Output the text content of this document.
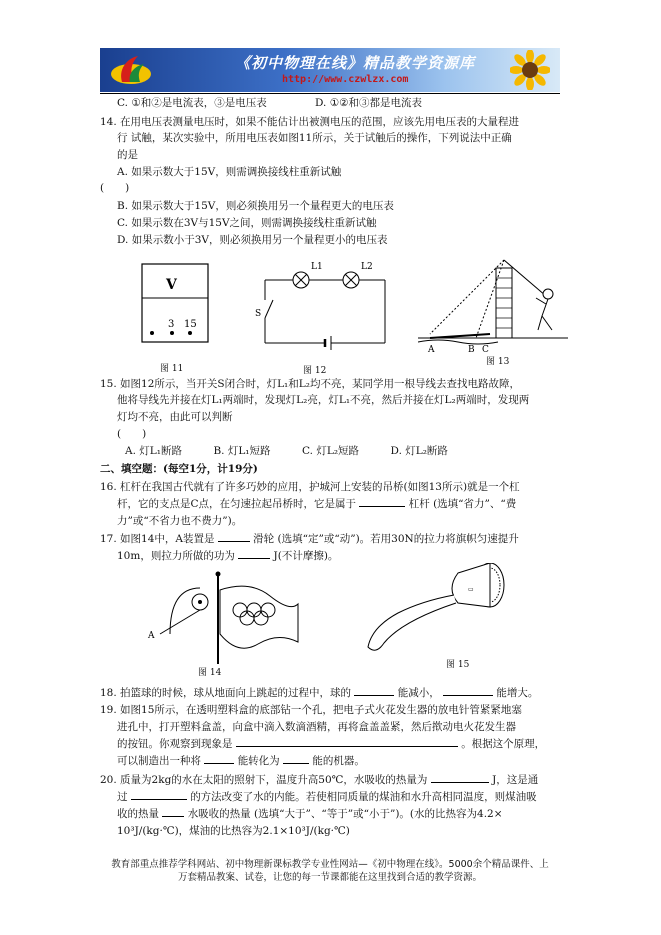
《初中物理在线》精品教学资源库
http://www.czwlzx.com
C. ①和②是电流表，③是电压表	D. ①②和③都是电流表
14. 在用电压表测量电压时，如果不能估计出被测电压的范围，应该先用电压表的大量程进
行 试触，某次实验中，所用电压表如图11所示，关于试触后的操作，下列说法中正确
的是
A. 如果示数大于15V，则需调换接线柱重新试触
(　　)
B. 如果示数大于15V，则必须换用另一个量程更大的电压表
C. 如果示数在3V与15V之间，则需调换接线柱重新试触
D. 如果示数小于3V，则必须换用另一个量程更小的电压表
V
3 15
图 11
L1	L2
S
图 12
A	B C
图 13
15. 如图12所示，当开关S闭合时，灯L₁和L₂均不亮，某同学用一根导线去查找电路故障，
他将导线先并接在灯L₁两端时，发现灯L₂亮，灯L₁不亮，然后并接在灯L₂两端时，发现两
灯均不亮，由此可以判断
(　　)
A. 灯L₁断路　　　B. 灯L₁短路　　　C. 灯L₂短路　　　D. 灯L₂断路
二、填空题：(每空1分，计19分)
16. 杠杆在我国古代就有了许多巧妙的应用，护城河上安装的吊桥(如图13所示)就是一个杠
杆，它的支点是C点，在匀速拉起吊桥时，它是属于	杠杆 (选填“省力”、“费
力”或“不省力也不费力”)。
17. 如图14中，A装置是	滑轮 (选填“定”或“动”)。若用30N的拉力将旗帜匀速提升
10m，则拉力所做的功为	J(不计摩擦)。
A
图 14
▭
图 15
18. 拍篮球的时候，球从地面向上跳起的过程中，球的	能减小，	能增大。
19. 如图15所示，在透明塑料盒的底部钻一个孔，把电子式火花发生器的放电针管紧紧地塞
进孔中，打开塑料盒盖，向盒中滴入数滴酒精，再将盒盖盖紧，然后揿动电火花发生器
的按钮。你观察到现象是	。根据这个原理，
可以制造出一种将	能转化为	能的机器。
20. 质量为2kg的水在太阳的照射下，温度升高50℃，水吸收的热量为	J，这是通
过	的方法改变了水的内能。若使相同质量的煤油和水升高相同温度，则煤油吸
收的热量	水吸收的热量 (选填“大于”、“等于”或“小于”)。(水的比热容为4.2×
10³J/(kg·℃)，煤油的比热容为2.1×10³J/(kg·℃)
教育部重点推荐学科网站、初中物理新课标教学专业性网站—《初中物理在线》。5000余个精品课件、上
万套精品教案、试卷，让您的每一节课都能在这里找到合适的教学资源。
